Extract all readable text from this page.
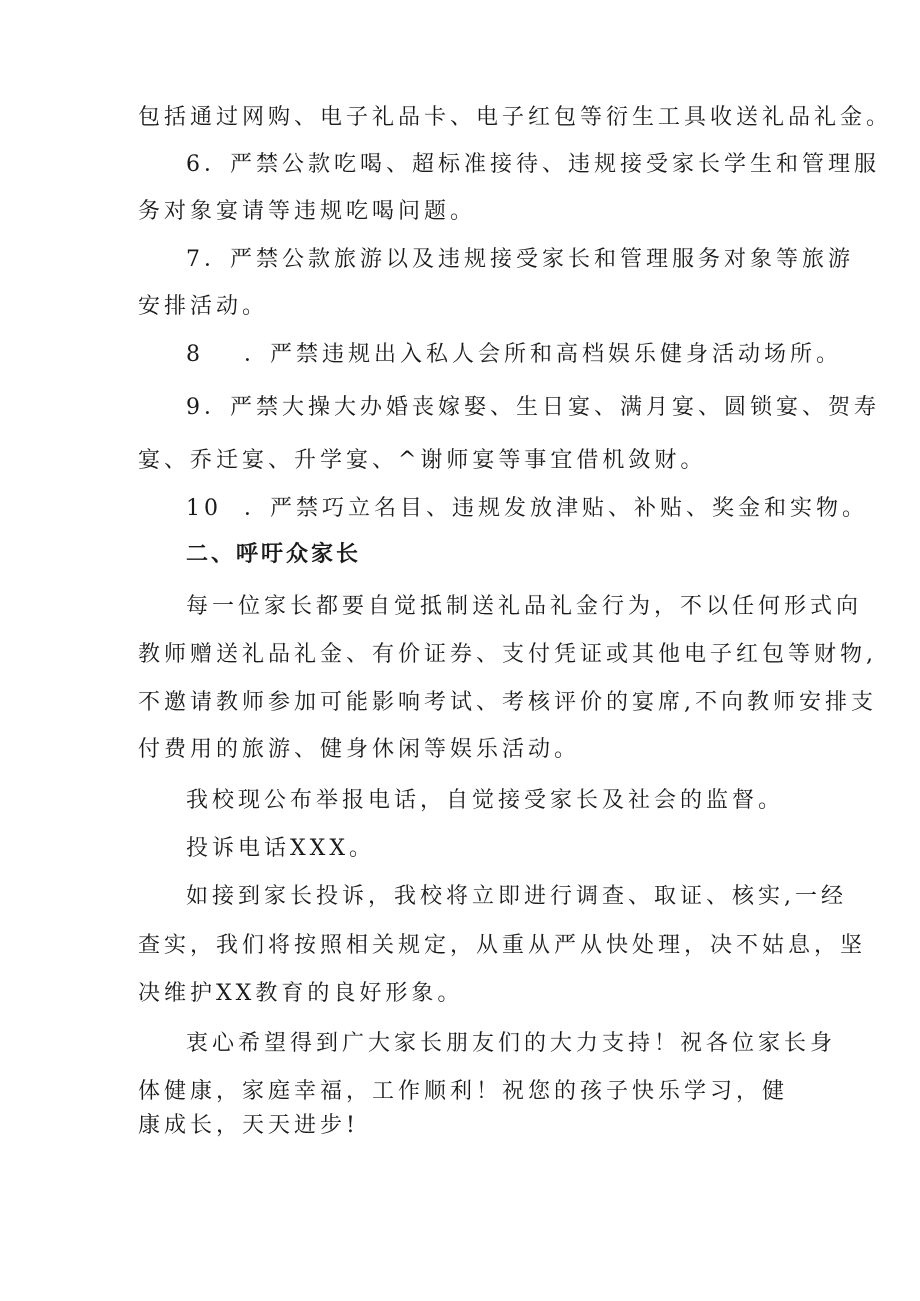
包括通过网购、电子礼品卡、电子红包等衍生工具收送礼品礼金。
6．严禁公款吃喝、超标准接待、违规接受家长学生和管理服
务对象宴请等违规吃喝问题。
7．严禁公款旅游以及违规接受家长和管理服务对象等旅游
安排活动。
8 ．严禁违规出入私人会所和高档娱乐健身活动场所。
9．严禁大操大办婚丧嫁娶、生日宴、满月宴、圆锁宴、贺寿
宴、乔迁宴、升学宴、^谢师宴等事宜借机敛财。
10 ．严禁巧立名目、违规发放津贴、补贴、奖金和实物。
二、呼吁众家长
每一位家长都要自觉抵制送礼品礼金行为，不以任何形式向
教师赠送礼品礼金、有价证券、支付凭证或其他电子红包等财物,
不邀请教师参加可能影响考试、考核评价的宴席,不向教师安排支
付费用的旅游、健身休闲等娱乐活动。
我校现公布举报电话，自觉接受家长及社会的监督。
投诉电话XXX。
如接到家长投诉，我校将立即进行调查、取证、核实,一经
查实，我们将按照相关规定，从重从严从快处理，决不姑息，坚
决维护XX教育的良好形象。
衷心希望得到广大家长朋友们的大力支持！祝各位家长身
体健康，家庭幸福，工作顺利！祝您的孩子快乐学习，健
康成长，天天进步!
